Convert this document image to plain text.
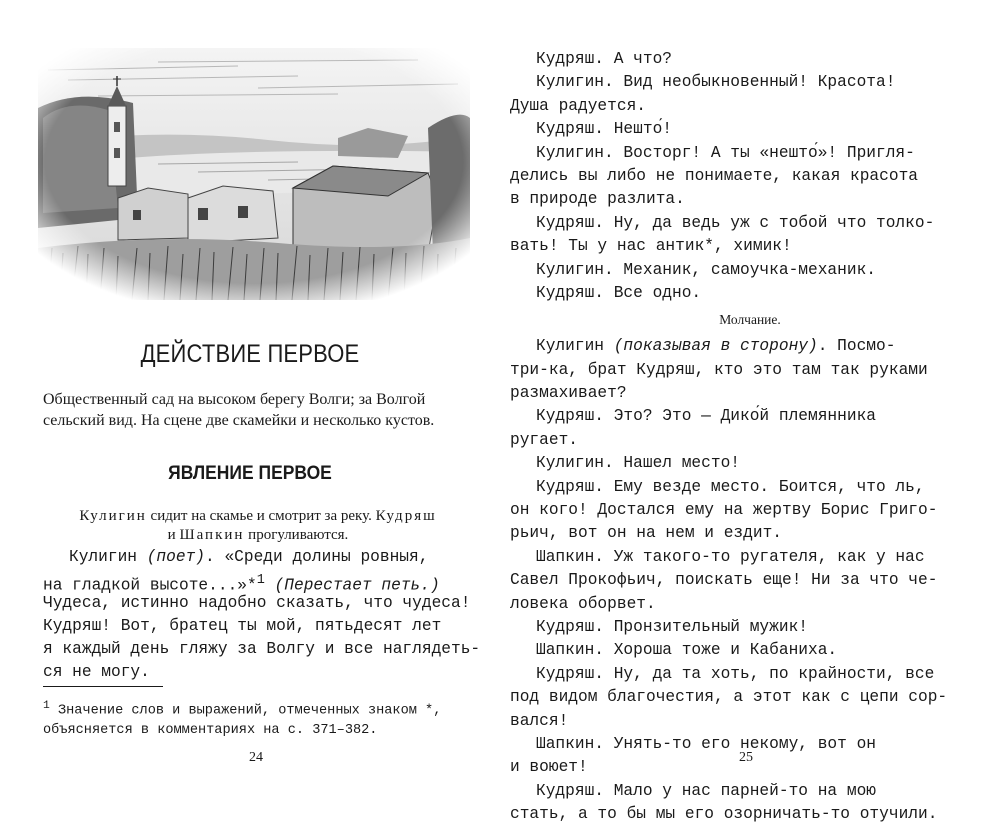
ДЕЙСТВИЕ ПЕРВОЕ
Общественный сад на высоком берегу Волги; за Волгой
сельский вид. На сцене две скамейки и несколько кустов.
ЯВЛЕНИЕ ПЕРВОЕ
Кулигин сидит на скамье и смотрит за реку. Кудряш
и Шапкин прогуливаются.
Кулигин (поет). «Среди долины ровныя,
на гладкой высоте...»*$^1$ (Перестает петь.)
Чудеса, истинно надобно сказать, что чудеса!
Кудряш! Вот, братец ты мой, пятьдесят лет
я каждый день гляжу за Волгу и все наглядеть-
ся не могу.
$^1$ Значение слов и выражений, отмеченных знаком *,
объясняется в комментариях на с. 371–382.
24
Кудряш. А что?
Кулигин. Вид необыкновенный! Красота!
Душа радуется.
Кудряш. Нешто́!
Кулигин. Восторг! А ты «нешто́»! Пригля-
делись вы либо не понимаете, какая красота
в природе разлита.
Кудряш. Ну, да ведь уж с тобой что толко-
вать! Ты у нас антик*, химик!
Кулигин. Механик, самоучка-механик.
Кудряш. Все одно.
Молчание.
Кулигин (показывая в сторону). Посмо-
три-ка, брат Кудряш, кто это там так руками
размахивает?
Кудряш. Это? Это — Дико́й племянника
ругает.
Кулигин. Нашел место!
Кудряш. Ему везде место. Боится, что ль,
он кого! Достался ему на жертву Борис Григо-
рьич, вот он на нем и ездит.
Шапкин. Уж такого-то ругателя, как у нас
Савел Прокофьич, поискать еще! Ни за что че-
ловека оборвет.
Кудряш. Пронзительный мужик!
Шапкин. Хороша тоже и Кабаниха.
Кудряш. Ну, да та хоть, по крайности, все
под видом благочестия, а этот как с цепи сор-
вался!
Шапкин. Унять-то его некому, вот он
и воюет!
Кудряш. Мало у нас парней-то на мою
стать, а то бы мы его озорничать-то отучили.
25
